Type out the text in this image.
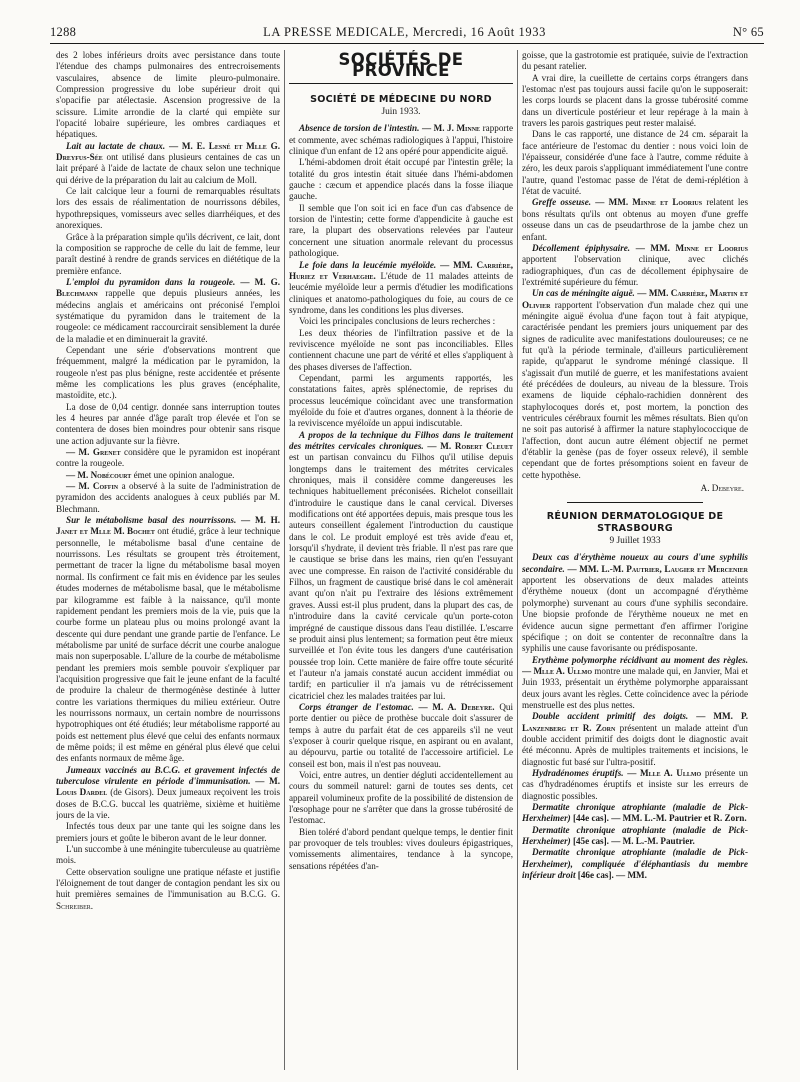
1288	LA PRESSE MEDICALE, Mercredi, 16 Août 1933	N° 65

des 2 lobes inférieurs droits avec persistance dans toute l'étendue des champs pulmonaires des entrecroisements vasculaires, absence de limite pleuro-pulmonaire. Compression progressive du lobe supérieur droit qui s'opacifie par atélectasie. Ascension progressive de la scissure. Limite arrondie de la clarté qui empiète sur l'opacité lobaire supérieure, les ombres cardiaques et hépatiques.

Lait au lactate de chaux. — M. E. Lesné et Mlle G. Dreyfus-Sée ont utilisé dans plusieurs centaines de cas un lait préparé à l'aide de lactate de chaux selon une technique qui dérive de la préparation du lait au calcium de Moll.

Ce lait calcique leur a fourni de remarquables résultats lors des essais de réalimentation de nourrissons débiles, hypothrepsiques, vomisseurs avec selles diarrhéiques, et des anorexiques.

Grâce à la préparation simple qu'ils décrivent, ce lait, dont la composition se rapproche de celle du lait de femme, leur paraît destiné à rendre de grands services en diététique de la première enfance.

L'emploi du pyramidon dans la rougeole. — M. G. Blechmann rappelle que depuis plusieurs années, les médecins anglais et américains ont préconisé l'emploi systématique du pyramidon dans le traitement de la rougeole: ce médicament raccourcirait sensiblement la durée de la maladie et en diminuerait la gravité.

Cependant une série d'observations montrent que fréquemment, malgré la médication par le pyramidon, la rougeole n'est pas plus bénigne, reste accidentée et présente même les complications les plus graves (encéphalite, mastoïdite, etc.).

La dose de 0,04 centigr. donnée sans interruption toutes les 4 heures par année d'âge paraît trop élevée et l'on se contentera de doses bien moindres pour obtenir sans risque une action adjuvante sur la fièvre.

— M. Grenet considère que le pyramidon est inopérant contre la rougeole.

— M. Nobécourt émet une opinion analogue.

— M. Coffin a observé à la suite de l'administration de pyramidon des accidents analogues à ceux publiés par M. Blechmann.

Sur le métabolisme basal des nourrissons. — M. H. Janet et Mlle M. Bochet ont étudié, grâce à leur technique personnelle, le métabolisme basal d'une centaine de nourrissons. Les résultats se groupent très étroitement, permettant de tracer la ligne du métabolisme basal moyen normal. Ils confirment ce fait mis en évidence par les seules études modernes de métabolisme basal, que le métabolisme par kilogramme est faible à la naissance, qu'il monte rapidement pendant les premiers mois de la vie, puis que la courbe forme un plateau plus ou moins prolongé avant la descente qui dure pendant une grande partie de l'enfance. Le métabolisme par unité de surface décrit une courbe analogue mais non superposable. L'allure de la courbe de métabolisme pendant les premiers mois semble pouvoir s'expliquer par l'acquisition progressive que fait le jeune enfant de la faculté de produire la chaleur de thermogénèse destinée à lutter contre les variations thermiques du milieu extérieur. Outre les nourrissons normaux, un certain nombre de nourrissons hypotrophiques ont été étudiés; leur métabolisme rapporté au poids est nettement plus élevé que celui des enfants normaux de même poids; il est même en général plus élevé que celui des enfants normaux de même âge.

Jumeaux vaccinés au B.C.G. et gravement infectés de tuberculose virulente en période d'immunisation. — M. Louis Dardel (de Gisors). Deux jumeaux reçoivent les trois doses de B.C.G. buccal les quatrième, sixième et huitième jours de la vie.

Infectés tous deux par une tante qui les soigne dans les premiers jours et goûte le biberon avant de le leur donner.

L'un succombe à une méningite tuberculeuse au quatrième mois.

Cette observation souligne une pratique néfaste et justifie l'éloignement de tout danger de contagion pendant les six ou huit premières semaines de l'immunisation au B.C.G. G. Schreiber.

SOCIÉTÉS DE PROVINCE
SOCIÉTÉ DE MÉDECINE DU NORD
Juin 1933.

Absence de torsion de l'intestin. — M. J. Minne rapporte et commente, avec schémas radiologiques à l'appui, l'histoire clinique d'un enfant de 12 ans opéré pour appendicite aiguë.

L'hémi-abdomen droit était occupé par l'intestin grêle; la totalité du gros intestin était située dans l'hémi-abdomen gauche : cæcum et appendice placés dans la fosse iliaque gauche.

Il semble que l'on soit ici en face d'un cas d'absence de torsion de l'intestin; cette forme d'appendicite à gauche est rare, la plupart des observations relevées par l'auteur concernent une situation anormale relevant du processus pathologique.

Le foie dans la leucémie myéloïde. — MM. Carrière, Huriez et Verhaeghe. L'étude de 11 malades atteints de leucémie myéloïde leur a permis d'étudier les modifications cliniques et anatomo-pathologiques du foie, au cours de ce syndrome, dans les conditions les plus diverses.

Voici les principales conclusions de leurs recherches :

Les deux théories de l'infiltration passive et de la reviviscence myéloïde ne sont pas inconciliables. Elles contiennent chacune une part de vérité et elles s'appliquent à des phases diverses de l'affection.

Cependant, parmi les arguments rapportés, les constatations faites, après splénectomie, de reprises du processus leucémique coïncidant avec une transformation myéloïde du foie et d'autres organes, donnent à la théorie de la reviviscence myéloïde un appui indiscutable.

A propos de la technique du Filhos dans le traitement des métrites cervicales chroniques. — M. Robert Cleuet est un partisan convaincu du Filhos qu'il utilise depuis longtemps dans le traitement des métrites cervicales chroniques, mais il considère comme dangereuses les techniques habituellement préconisées. Richelot conseillait d'introduire le caustique dans le canal cervical. Diverses modifications ont été apportées depuis, mais presque tous les auteurs conseillent également l'introduction du caustique dans le col. Le produit employé est très avide d'eau et, lorsqu'il s'hydrate, il devient très friable. Il n'est pas rare que le caustique se brise dans les mains, rien qu'en l'essuyant avec une compresse. En raison de l'activité considérable du Filhos, un fragment de caustique brisé dans le col amènerait avant qu'on n'ait pu l'extraire des lésions extrêmement graves. Aussi est-il plus prudent, dans la plupart des cas, de n'introduire dans la cavité cervicale qu'un porte-coton imprégné de caustique dissous dans l'eau distillée. L'escarre se produit ainsi plus lentement; sa formation peut être mieux surveillée et l'on évite tous les dangers d'une cautérisation poussée trop loin. Cette manière de faire offre toute sécurité et l'auteur n'a jamais constaté aucun accident immédiat ou tardif; en particulier il n'a jamais vu de rétrécissement cicatriciel chez les malades traitées par lui.

Corps étranger de l'estomac. — M. A. Debeyre. Qui porte dentier ou pièce de prothèse buccale doit s'assurer de temps à autre du parfait état de ces appareils s'il ne veut s'exposer à courir quelque risque, en aspirant ou en avalant, au dépourvu, partie ou totalité de l'accessoire artificiel. Le conseil est bon, mais il n'est pas nouveau.

Voici, entre autres, un dentier dégluti accidentellement au cours du sommeil naturel: garni de toutes ses dents, cet appareil volumineux profite de la possibilité de distension de l'œsophage pour ne s'arrêter que dans la grosse tubérosité de l'estomac.

Bien toléré d'abord pendant quelque temps, le dentier finit par provoquer de tels troubles: vives douleurs épigastriques, vomissements alimentaires, tendance à la syncope, sensations répétées d'an-

goisse, que la gastrotomie est pratiquée, suivie de l'extraction du pesant ratelier.

A vrai dire, la cueillette de certains corps étrangers dans l'estomac n'est pas toujours aussi facile qu'on le supposerait: les corps lourds se placent dans la grosse tubérosité comme dans un diverticule postérieur et leur repérage à la main à travers les parois gastriques peut rester malaisé.

Dans le cas rapporté, une distance de 24 cm. séparait la face antérieure de l'estomac du dentier : nous voici loin de l'épaisseur, considérée d'une face à l'autre, comme réduite à zéro, les deux parois s'appliquant immédiatement l'une contre l'autre, quand l'estomac passe de l'état de demi-réplétion à l'état de vacuité.

Greffe osseuse. — MM. Minne et Loorius relatent les bons résultats qu'ils ont obtenus au moyen d'une greffe osseuse dans un cas de pseudarthrose de la jambe chez un enfant.

Décollement épiphysaire. — MM. Minne et Loorius apportent l'observation clinique, avec clichés radiographiques, d'un cas de décollement épiphysaire de l'extrémité supérieure du fémur.

Un cas de méningite aiguë. — MM. Carrière, Martin et Olivier rapportent l'observation d'un malade chez qui une méningite aiguë évolua d'une façon tout à fait atypique, caractérisée pendant les premiers jours uniquement par des signes de radiculite avec manifestations douloureuses; ce ne fut qu'à la période terminale, d'ailleurs particulièrement rapide, qu'apparut le syndrome méningé classique. Il s'agissait d'un mutilé de guerre, et les manifestations avaient été précédées de douleurs, au niveau de la blessure. Trois examens de liquide céphalo-rachidien donnèrent des staphylocoques dorés et, post mortem, la ponction des ventricules cérébraux fournit les mêmes résultats. Bien qu'on ne soit pas autorisé à affirmer la nature staphylococcique de l'affection, dont aucun autre élément objectif ne permet d'établir la genèse (pas de foyer osseux relevé), il semble cependant que de fortes présomptions soient en faveur de cette hypothèse.

A. Debeyre.
RÉUNION DERMATOLOGIQUE DE STRASBOURG
9 Juillet 1933

Deux cas d'érythème noueux au cours d'une syphilis secondaire. — MM. L.-M. Pautrier, Laugier et Mercenier apportent les observations de deux malades atteints d'érythème noueux (dont un accompagné d'érythème polymorphe) survenant au cours d'une syphilis secondaire. Une biopsie profonde de l'érythème noueux ne met en évidence aucun signe permettant d'en affirmer l'origine spécifique ; on doit se contenter de reconnaître dans la syphilis une cause favorisante ou prédisposante.

Erythème polymorphe récidivant au moment des règles. — Mlle A. Ullmo montre une malade qui, en Janvier, Mai et Juin 1933, présentait un érythème polymorphe apparaissant deux jours avant les règles. Cette coïncidence avec la période menstruelle est des plus nettes.

Double accident primitif des doigts. — MM. P. Lanzenberg et R. Zorn présentent un malade atteint d'un double accident primitif des doigts dont le diagnostic avait été méconnu. Après de multiples traitements et incisions, le diagnostic fut basé sur l'ultra-positif.

Hydradénomes éruptifs. — Mlle A. Ullmo présente un cas d'hydradénomes éruptifs et insiste sur les erreurs de diagnostic possibles.

Dermatite chronique atrophiante (maladie de Pick-Herxheimer) [44e cas]. — MM. L.-M. Pautrier et R. Zorn.

Dermatite chronique atrophiante (maladie de Pick-Herxheimer) [45e cas]. — M. L.-M. Pautrier.

Dermatite chronique atrophiante (maladie de Pick-Herxheimer), compliquée d'éléphantiasis du membre inférieur droit [46e cas]. — MM.
